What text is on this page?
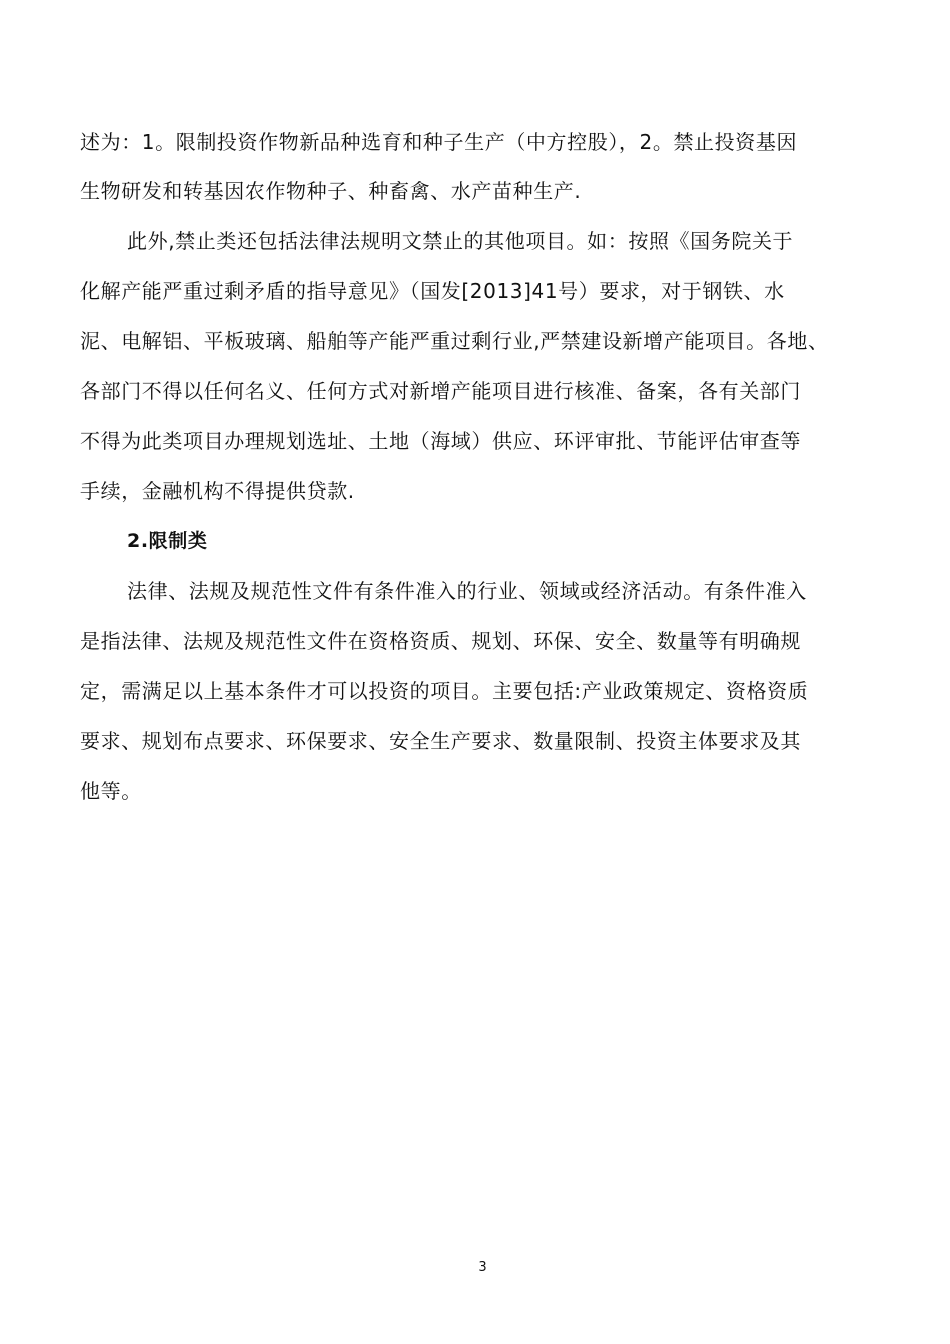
述为：1。限制投资作物新品种选育和种子生产（中方控股），2。禁止投资基因
生物研发和转基因农作物种子、种畜禽、水产苗种生产.
此外,禁止类还包括法律法规明文禁止的其他项目。如：按照《国务院关于
化解产能严重过剩矛盾的指导意见》（国发[2013]41号）要求，对于钢铁、水
泥、电解铝、平板玻璃、船舶等产能严重过剩行业,严禁建设新增产能项目。各地、
各部门不得以任何名义、任何方式对新增产能项目进行核准、备案，各有关部门
不得为此类项目办理规划选址、土地（海域）供应、环评审批、节能评估审查等
手续，金融机构不得提供贷款.
2.限制类
法律、法规及规范性文件有条件准入的行业、领域或经济活动。有条件准入
是指法律、法规及规范性文件在资格资质、规划、环保、安全、数量等有明确规
定，需满足以上基本条件才可以投资的项目。主要包括:产业政策规定、资格资质
要求、规划布点要求、环保要求、安全生产要求、数量限制、投资主体要求及其
他等。
3
